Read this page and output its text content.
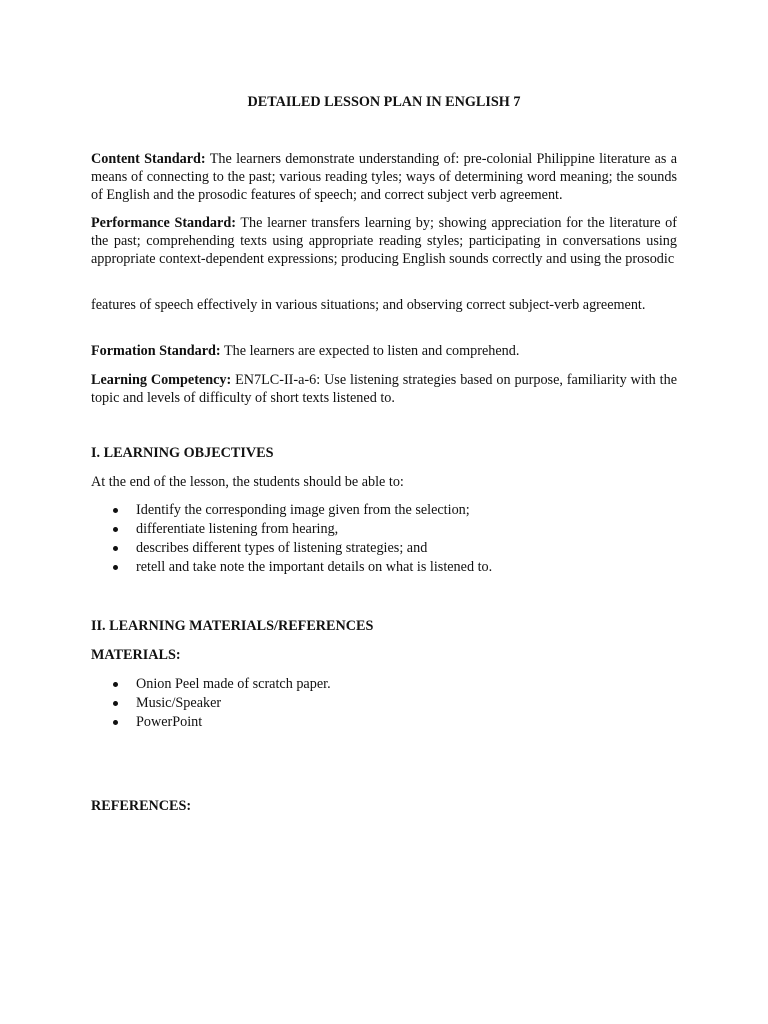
DETAILED LESSON PLAN IN ENGLISH 7

Content Standard: The learners demonstrate understanding of: pre-colonial Philippine literature as a means of connecting to the past; various reading tyles; ways of determining word meaning; the sounds of English and the prosodic features of speech; and correct subject verb agreement.

Performance Standard: The learner transfers learning by; showing appreciation for the literature of the past; comprehending texts using appropriate reading styles; participating in conversations using appropriate context-dependent expressions; producing English sounds correctly and using the prosodic

features of speech effectively in various situations; and observing correct subject-verb agreement.

Formation Standard: The learners are expected to listen and comprehend.

Learning Competency: EN7LC-II-a-6: Use listening strategies based on purpose, familiarity with the topic and levels of difficulty of short texts listened to.

I. LEARNING OBJECTIVES

At the end of the lesson, the students should be able to:

Identify the corresponding image given from the selection;
differentiate listening from hearing,
describes different types of listening strategies; and
retell and take note the important details on what is listened to.
II. LEARNING MATERIALS/REFERENCES
MATERIALS:
Onion Peel made of scratch paper.
Music/Speaker
PowerPoint
REFERENCES:
